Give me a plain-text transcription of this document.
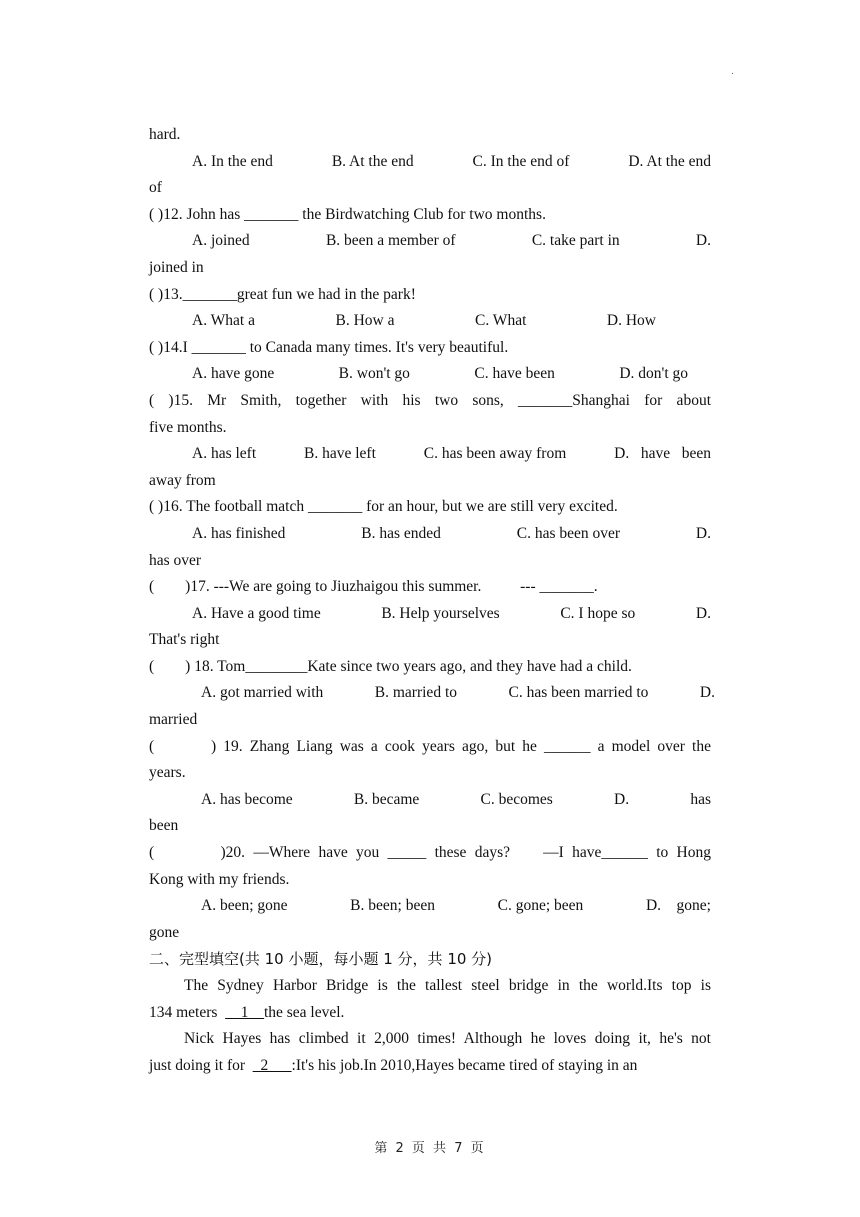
.
hard.
A. In the end	B. At the end	C. In the end of	D. At the end
of
( )12. John has _______ the Birdwatching Club for two months.
A. joined	B. been a member of	C. take part in	D.
joined in
( )13._______great fun we had in the park!
A. What a	B. How a	C. What	D. How
( )14.I _______ to Canada many times. It's very beautiful.
A. have gone	B. won't go	C. have been	D. don't go
( )15. Mr Smith, together with his two sons, _______Shanghai for about
five months.
A. has left	B. have left	C. has been away from	D.   have   been
away from
( )16. The football match _______ for an hour, but we are still very excited.
A. has finished	B. has ended	C. has been over	D.
has over
(        )17. ---We are going to Jiuzhaigou this summer.          --- _______.
A. Have a good time	B. Help yourselves	C. I hope so	D.
That's right
(        ) 18. Tom________Kate since two years ago, and they have had a child.
A. got married with	B. married to	C. has been married to	D.
married
(        ) 19. Zhang Liang was a cook years ago, but he ______ a model over the
years.
A. has become	B. became	C. becomes	D.	has
been
(        )20. —Where have you _____ these days?    —I have______ to Hong
Kong with my friends.
A. been; gone	B. been; been	C. gone; been	D.    gone;
gone
二、完型填空(共 10 小题，每小题 1 分，共 10 分)
The Sydney Harbor Bridge is the tallest steel bridge in the world.Its top is
134 meters  __1__the sea level.
Nick Hayes has climbed it 2,000 times! Although he loves doing it, he's not
just doing it for  _2___:It's his job.In 2010,Hayes became tired of staying in an
第 2 页 共 7 页
